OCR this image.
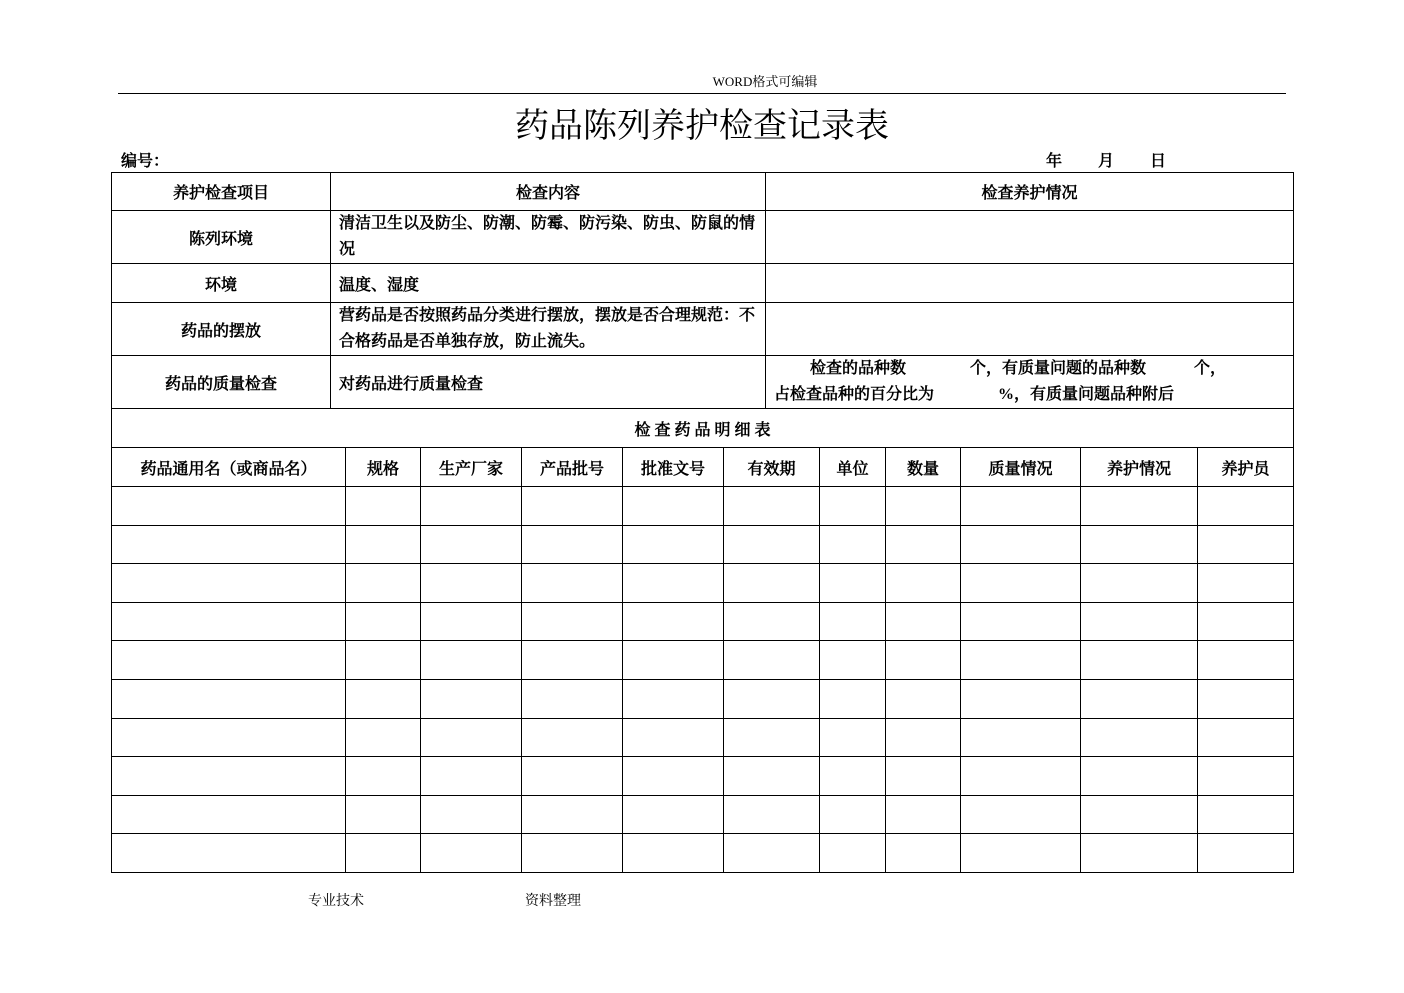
WORD格式可编辑
药品陈列养护检查记录表
编号：	年 月 日
养护检查项目	检查内容	检查养护情况
陈列环境	清洁卫生以及防尘、防潮、防霉、防污染、防虫、防鼠的情况	
环境	温度、湿度	
药品的摆放	营药品是否按照药品分类进行摆放，摆放是否合理规范：不合格药品是否单独存放，防止流失。	
药品的质量检查	对药品进行质量检查	检查的品种数　　　　个，有质量问题的品种数　　　个，
占检查品种的百分比为　　　　%，有质量问题品种附后
检 查 药 品 明 细 表										
药品通用名（或商品名）	规格	生产厂家	产品批号	批准文号	有效期	单位	数量	质量情况	养护情况	养护员

专业技术	资料整理
